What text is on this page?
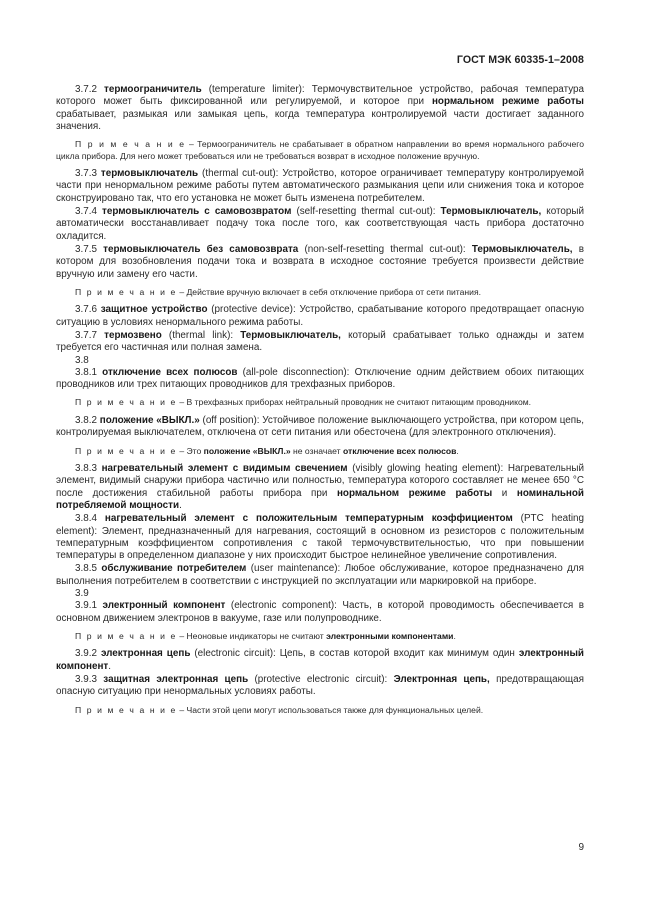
ГОСТ МЭК 60335-1–2008

3.7.2 термоограничитель (temperature limiter): Термочувствительное устройство, рабочая температура которого может быть фиксированной или регулируемой, и которое при нормальном режиме работы срабатывает, размыкая или замыкая цепь, когда температура контролируемой части достигает заданного значения.

П р и м е ч а н и е – Термоограничитель не срабатывает в обратном направлении во время нормального рабочего цикла прибора. Для него может требоваться или не требоваться возврат в исходное положение вручную.

3.7.3 термовыключатель (thermal cut-out): Устройство, которое ограничивает температуру контролируемой части при ненормальном режиме работы путем автоматического размыкания цепи или снижения тока и которое сконструировано так, что его установка не может быть изменена потребителем.

3.7.4 термовыключатель с самовозвратом (self-resetting thermal cut-out): Термовыключатель, который автоматически восстанавливает подачу тока после того, как соответствующая часть прибора достаточно охладится.

3.7.5 термовыключатель без самовозврата (non-self-resetting thermal cut-out): Термовыключатель, в котором для возобновления подачи тока и возврата в исходное состояние требуется произвести действие вручную или замену его части.

П р и м е ч а н и е – Действие вручную включает в себя отключение прибора от сети питания.

3.7.6 защитное устройство (protective device): Устройство, срабатывание которого предотвращает опасную ситуацию в условиях ненормального режима работы.

3.7.7 термозвено (thermal link): Термовыключатель, который срабатывает только однажды и затем требуется его частичная или полная замена.

3.8

3.8.1 отключение всех полюсов (all-pole disconnection): Отключение одним действием обоих питающих проводников или трех питающих проводников для трехфазных приборов.

П р и м е ч а н и е – В трехфазных приборах нейтральный проводник не считают питающим проводником.

3.8.2 положение «ВЫКЛ.» (off position): Устойчивое положение выключающего устройства, при котором цепь, контролируемая выключателем, отключена от сети питания или обесточена (для электронного отключения).

П р и м е ч а н и е – Это положение «ВЫКЛ.» не означает отключение всех полюсов.

3.8.3 нагревательный элемент с видимым свечением (visibly glowing heating element): Нагревательный элемент, видимый снаружи прибора частично или полностью, температура которого составляет не менее 650 °С после достижения стабильной работы прибора при нормальном режиме работы и номинальной потребляемой мощности.

3.8.4 нагревательный элемент с положительным температурным коэффициентом (PTC heating element): Элемент, предназначенный для нагревания, состоящий в основном из резисторов с положительным температурным коэффициентом сопротивления с такой термочувствительностью, что при повышении температуры в определенном диапазоне у них происходит быстрое нелинейное увеличение сопротивления.

3.8.5 обслуживание потребителем (user maintenance): Любое обслуживание, которое предназначено для выполнения потребителем в соответствии с инструкцией по эксплуатации или маркировкой на приборе.

3.9

3.9.1 электронный компонент (electronic component): Часть, в которой проводимость обеспечивается в основном движением электронов в вакууме, газе или полупроводнике.

П р и м е ч а н и е – Неоновые индикаторы не считают электронными компонентами.

3.9.2 электронная цепь (electronic circuit): Цепь, в состав которой входит как минимум один электронный компонент.

3.9.3 защитная электронная цепь (protective electronic circuit): Электронная цепь, предотвращающая опасную ситуацию при ненормальных условиях работы.

П р и м е ч а н и е – Части этой цепи могут использоваться также для функциональных целей.

9
